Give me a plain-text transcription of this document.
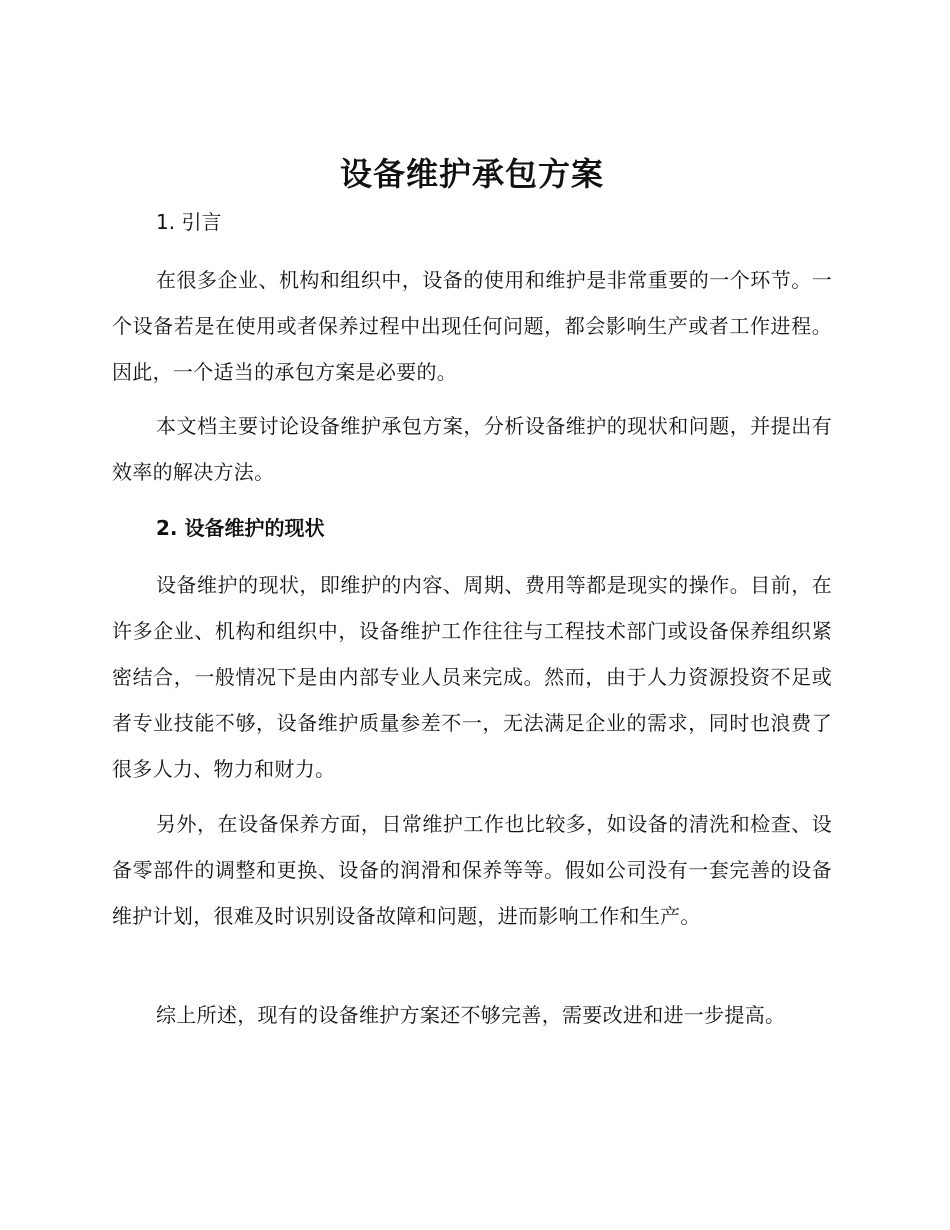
设备维护承包方案
1. 引言

在很多企业、机构和组织中，设备的使用和维护是非常重要的一个环节。一个设备若是在使用或者保养过程中出现任何问题，都会影响生产或者工作进程。因此，一个适当的承包方案是必要的。

本文档主要讨论设备维护承包方案，分析设备维护的现状和问题，并提出有效率的解决方法。

2. 设备维护的现状

设备维护的现状，即维护的内容、周期、费用等都是现实的操作。目前，在许多企业、机构和组织中，设备维护工作往往与工程技术部门或设备保养组织紧密结合，一般情况下是由内部专业人员来完成。然而，由于人力资源投资不足或者专业技能不够，设备维护质量参差不一，无法满足企业的需求，同时也浪费了很多人力、物力和财力。

另外，在设备保养方面，日常维护工作也比较多，如设备的清洗和检查、设备零部件的调整和更换、设备的润滑和保养等等。假如公司没有一套完善的设备维护计划，很难及时识别设备故障和问题，进而影响工作和生产。

综上所述，现有的设备维护方案还不够完善，需要改进和进一步提高。
